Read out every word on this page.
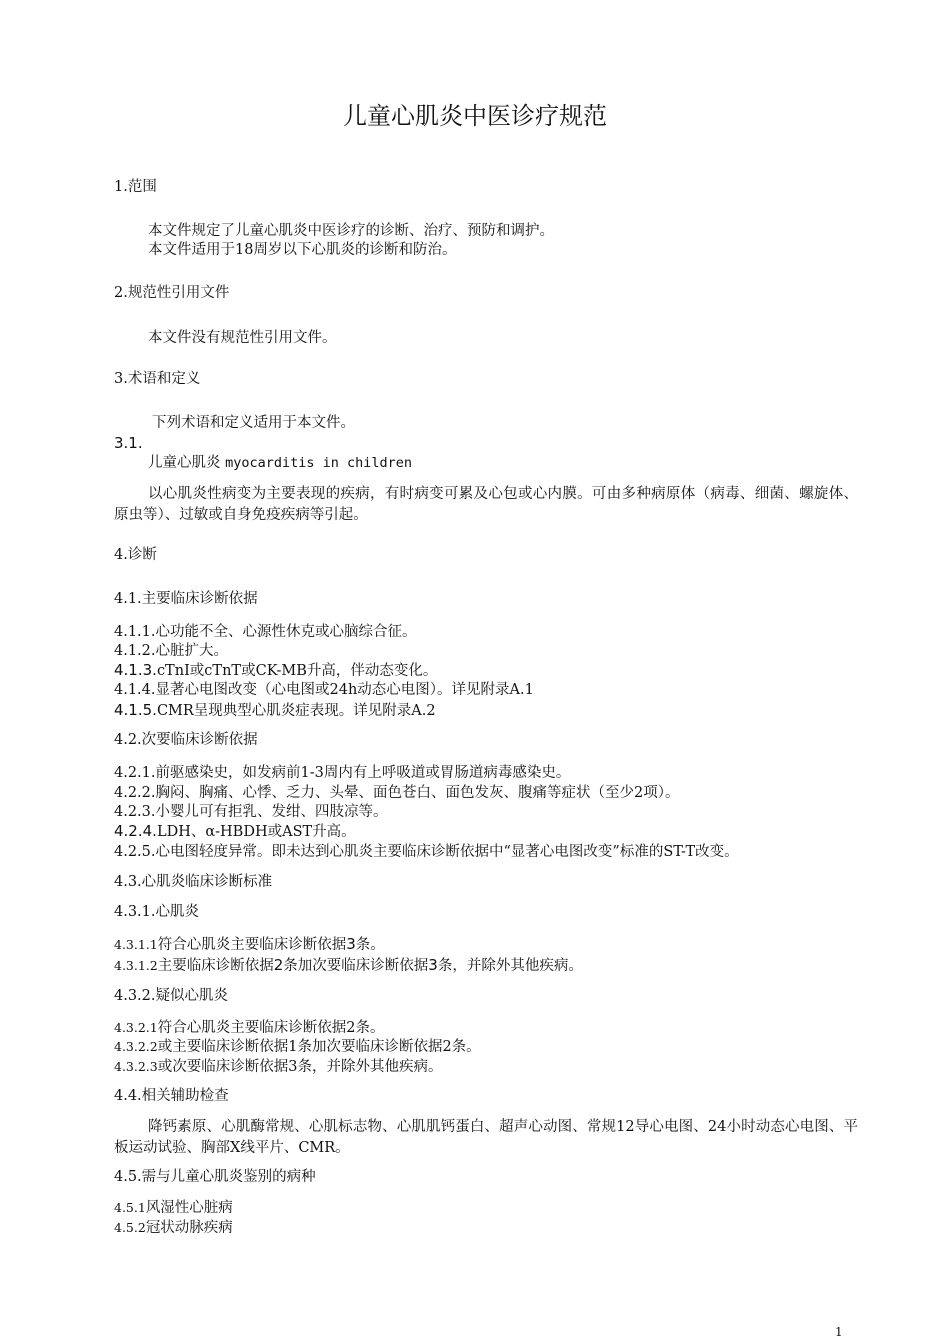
儿童心肌炎中医诊疗规范
1.范围
本文件规定了儿童心肌炎中医诊疗的诊断、治疗、预防和调护。
本文件适用于18周岁以下心肌炎的诊断和防治。
2.规范性引用文件
本文件没有规范性引用文件。
3.术语和定义
下列术语和定义适用于本文件。
3.1.
儿童心肌炎 myocarditis in children
以心肌炎性病变为主要表现的疾病，有时病变可累及心包或心内膜。可由多种病原体（病毒、细菌、螺旋体、原虫等）、过敏或自身免疫疾病等引起。
4.诊断
4.1.主要临床诊断依据
4.1.1.心功能不全、心源性休克或心脑综合征。
4.1.2.心脏扩大。
4.1.3.cTnI或cTnT或CK-MB升高，伴动态变化。
4.1.4.显著心电图改变（心电图或24h动态心电图）。详见附录A.1
4.1.5.CMR呈现典型心肌炎症表现。详见附录A.2
4.2.次要临床诊断依据
4.2.1.前驱感染史，如发病前1-3周内有上呼吸道或胃肠道病毒感染史。
4.2.2.胸闷、胸痛、心悸、乏力、头晕、面色苍白、面色发灰、腹痛等症状（至少2项）。
4.2.3.小婴儿可有拒乳、发绀、四肢凉等。
4.2.4.LDH、α-HBDH或AST升高。
4.2.5.心电图轻度异常。即未达到心肌炎主要临床诊断依据中“显著心电图改变”标准的ST-T改变。
4.3.心肌炎临床诊断标准
4.3.1.心肌炎
4.3.1.1符合心肌炎主要临床诊断依据3条。
4.3.1.2主要临床诊断依据2条加次要临床诊断依据3条，并除外其他疾病。
4.3.2.疑似心肌炎
4.3.2.1符合心肌炎主要临床诊断依据2条。
4.3.2.2或主要临床诊断依据1条加次要临床诊断依据2条。
4.3.2.3或次要临床诊断依据3条，并除外其他疾病。
4.4.相关辅助检查
降钙素原、心肌酶常规、心肌标志物、心肌肌钙蛋白、超声心动图、常规12导心电图、24小时动态心电图、平板运动试验、胸部X线平片、CMR。
4.5.需与儿童心肌炎鉴别的病种
4.5.1风湿性心脏病
4.5.2冠状动脉疾病
1
